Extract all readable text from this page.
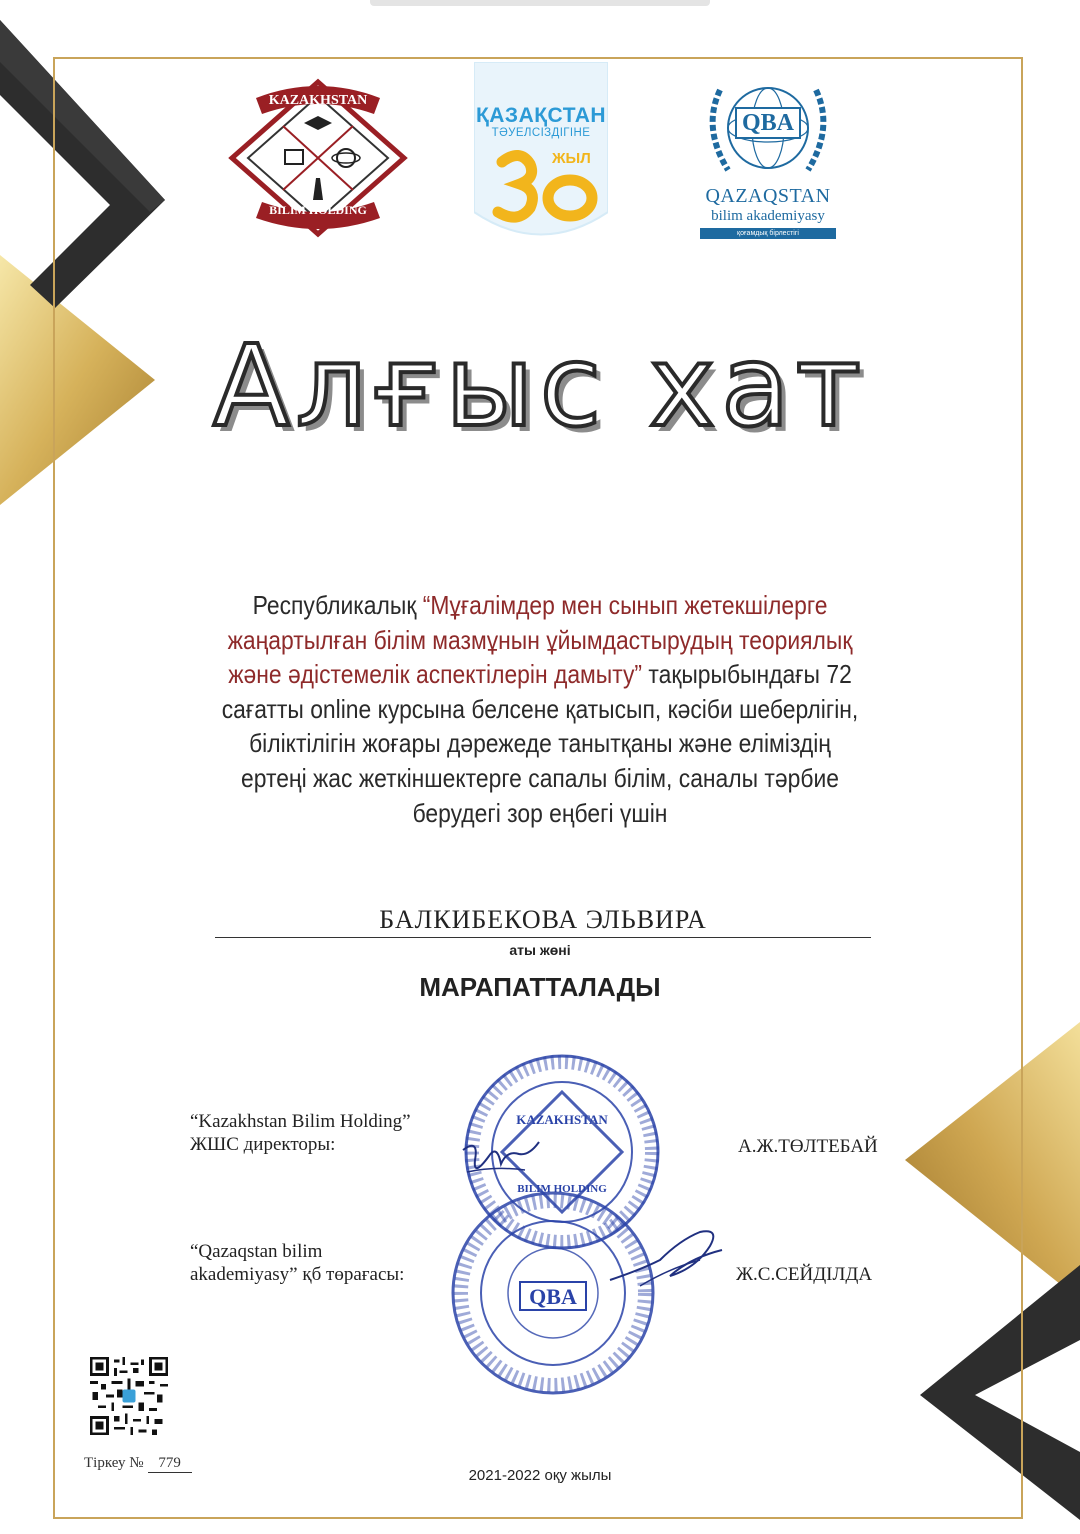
KAZAKHSTAN
BILIM HOLDING
ҚАЗАҚСТАН
ТӘУЕЛСІЗДІГІНЕ
ЖЫЛ
QBA
QAZAQSTAN
bilim akademiyasy
қоғамдық бірлестігі
Алғыс хат
Республикалық “Мұғалімдер мен сынып жетекшілерге жаңартылған білім мазмұнын ұйымдастырудың теориялық және әдістемелік аспектілерін дамыту” тақырыбындағы 72 сағатты online курсына белсене қатысып, кәсіби шеберлігін, біліктілігін жоғары дәрежеде танытқаны және еліміздің ертеңі жас жеткіншектерге сапалы білім, саналы тәрбие берудегі зор еңбегі үшін
БАЛКИБЕКОВА ЭЛЬВИРА
аты жөні
МАРАПАТТАЛАДЫ
KAZAKHSTAN
BILIM HOLDING
QBA
“Kazakhstan Bilim Holding”
ЖШС директоры:	А.Ж.ТӨЛТЕБАЙ
“Qazaqstan bilim
akademiyasy” қб төрағасы:	Ж.С.СЕЙДІЛДА
Тіркеу № 779
2021-2022 оқу жылы
